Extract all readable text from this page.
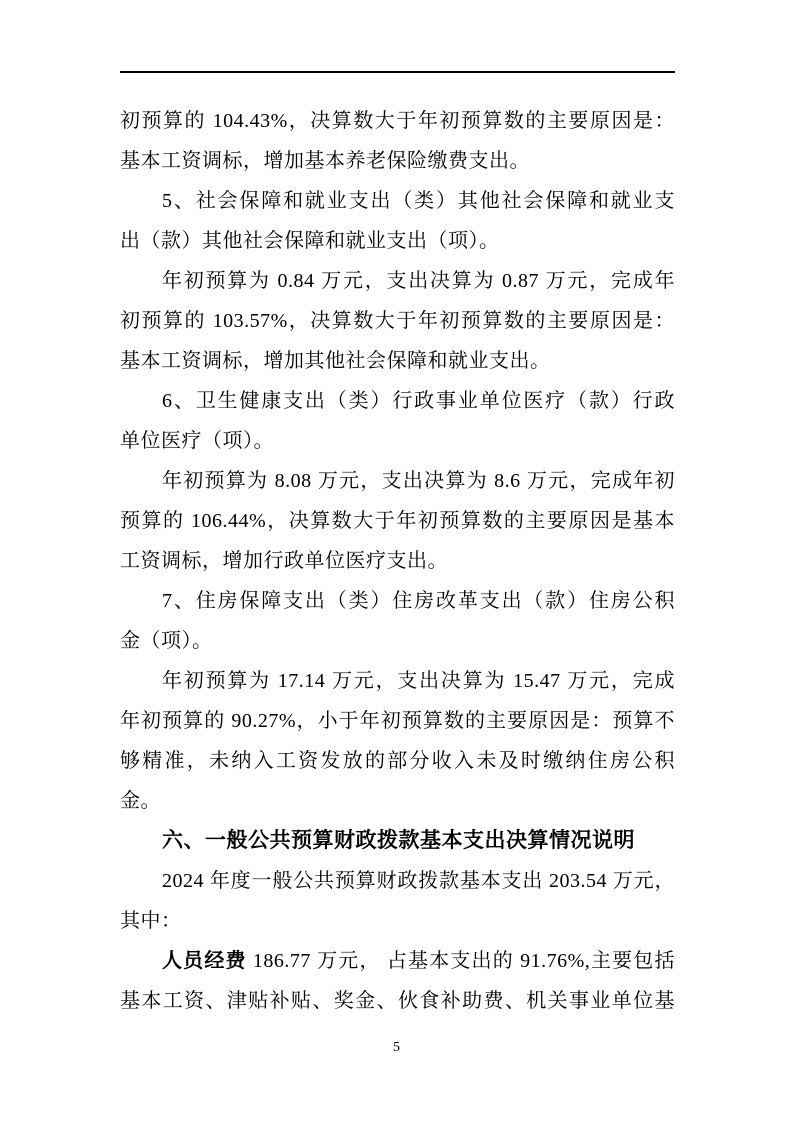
初预算的 104.43%，决算数大于年初预算数的主要原因是：
基本工资调标，增加基本养老保险缴费支出。
5、社会保障和就业支出（类）其他社会保障和就业支
出（款）其他社会保障和就业支出（项）。
年初预算为 0.84 万元，支出决算为 0.87 万元，完成年
初预算的 103.57%，决算数大于年初预算数的主要原因是：
基本工资调标，增加其他社会保障和就业支出。
6、卫生健康支出（类）行政事业单位医疗（款）行政
单位医疗（项）。
年初预算为 8.08 万元，支出决算为 8.6 万元，完成年初
预算的 106.44%，决算数大于年初预算数的主要原因是基本
工资调标，增加行政单位医疗支出。
7、住房保障支出（类）住房改革支出（款）住房公积
金（项）。
年初预算为 17.14 万元，支出决算为 15.47 万元，完成
年初预算的 90.27%，小于年初预算数的主要原因是：预算不
够精准，未纳入工资发放的部分收入未及时缴纳住房公积
金。
六、一般公共预算财政拨款基本支出决算情况说明
2024 年度一般公共预算财政拨款基本支出 203.54 万元，
其中：
人员经费 186.77 万元， 占基本支出的 91.76%,主要包括
基本工资、津贴补贴、奖金、伙食补助费、机关事业单位基
5
